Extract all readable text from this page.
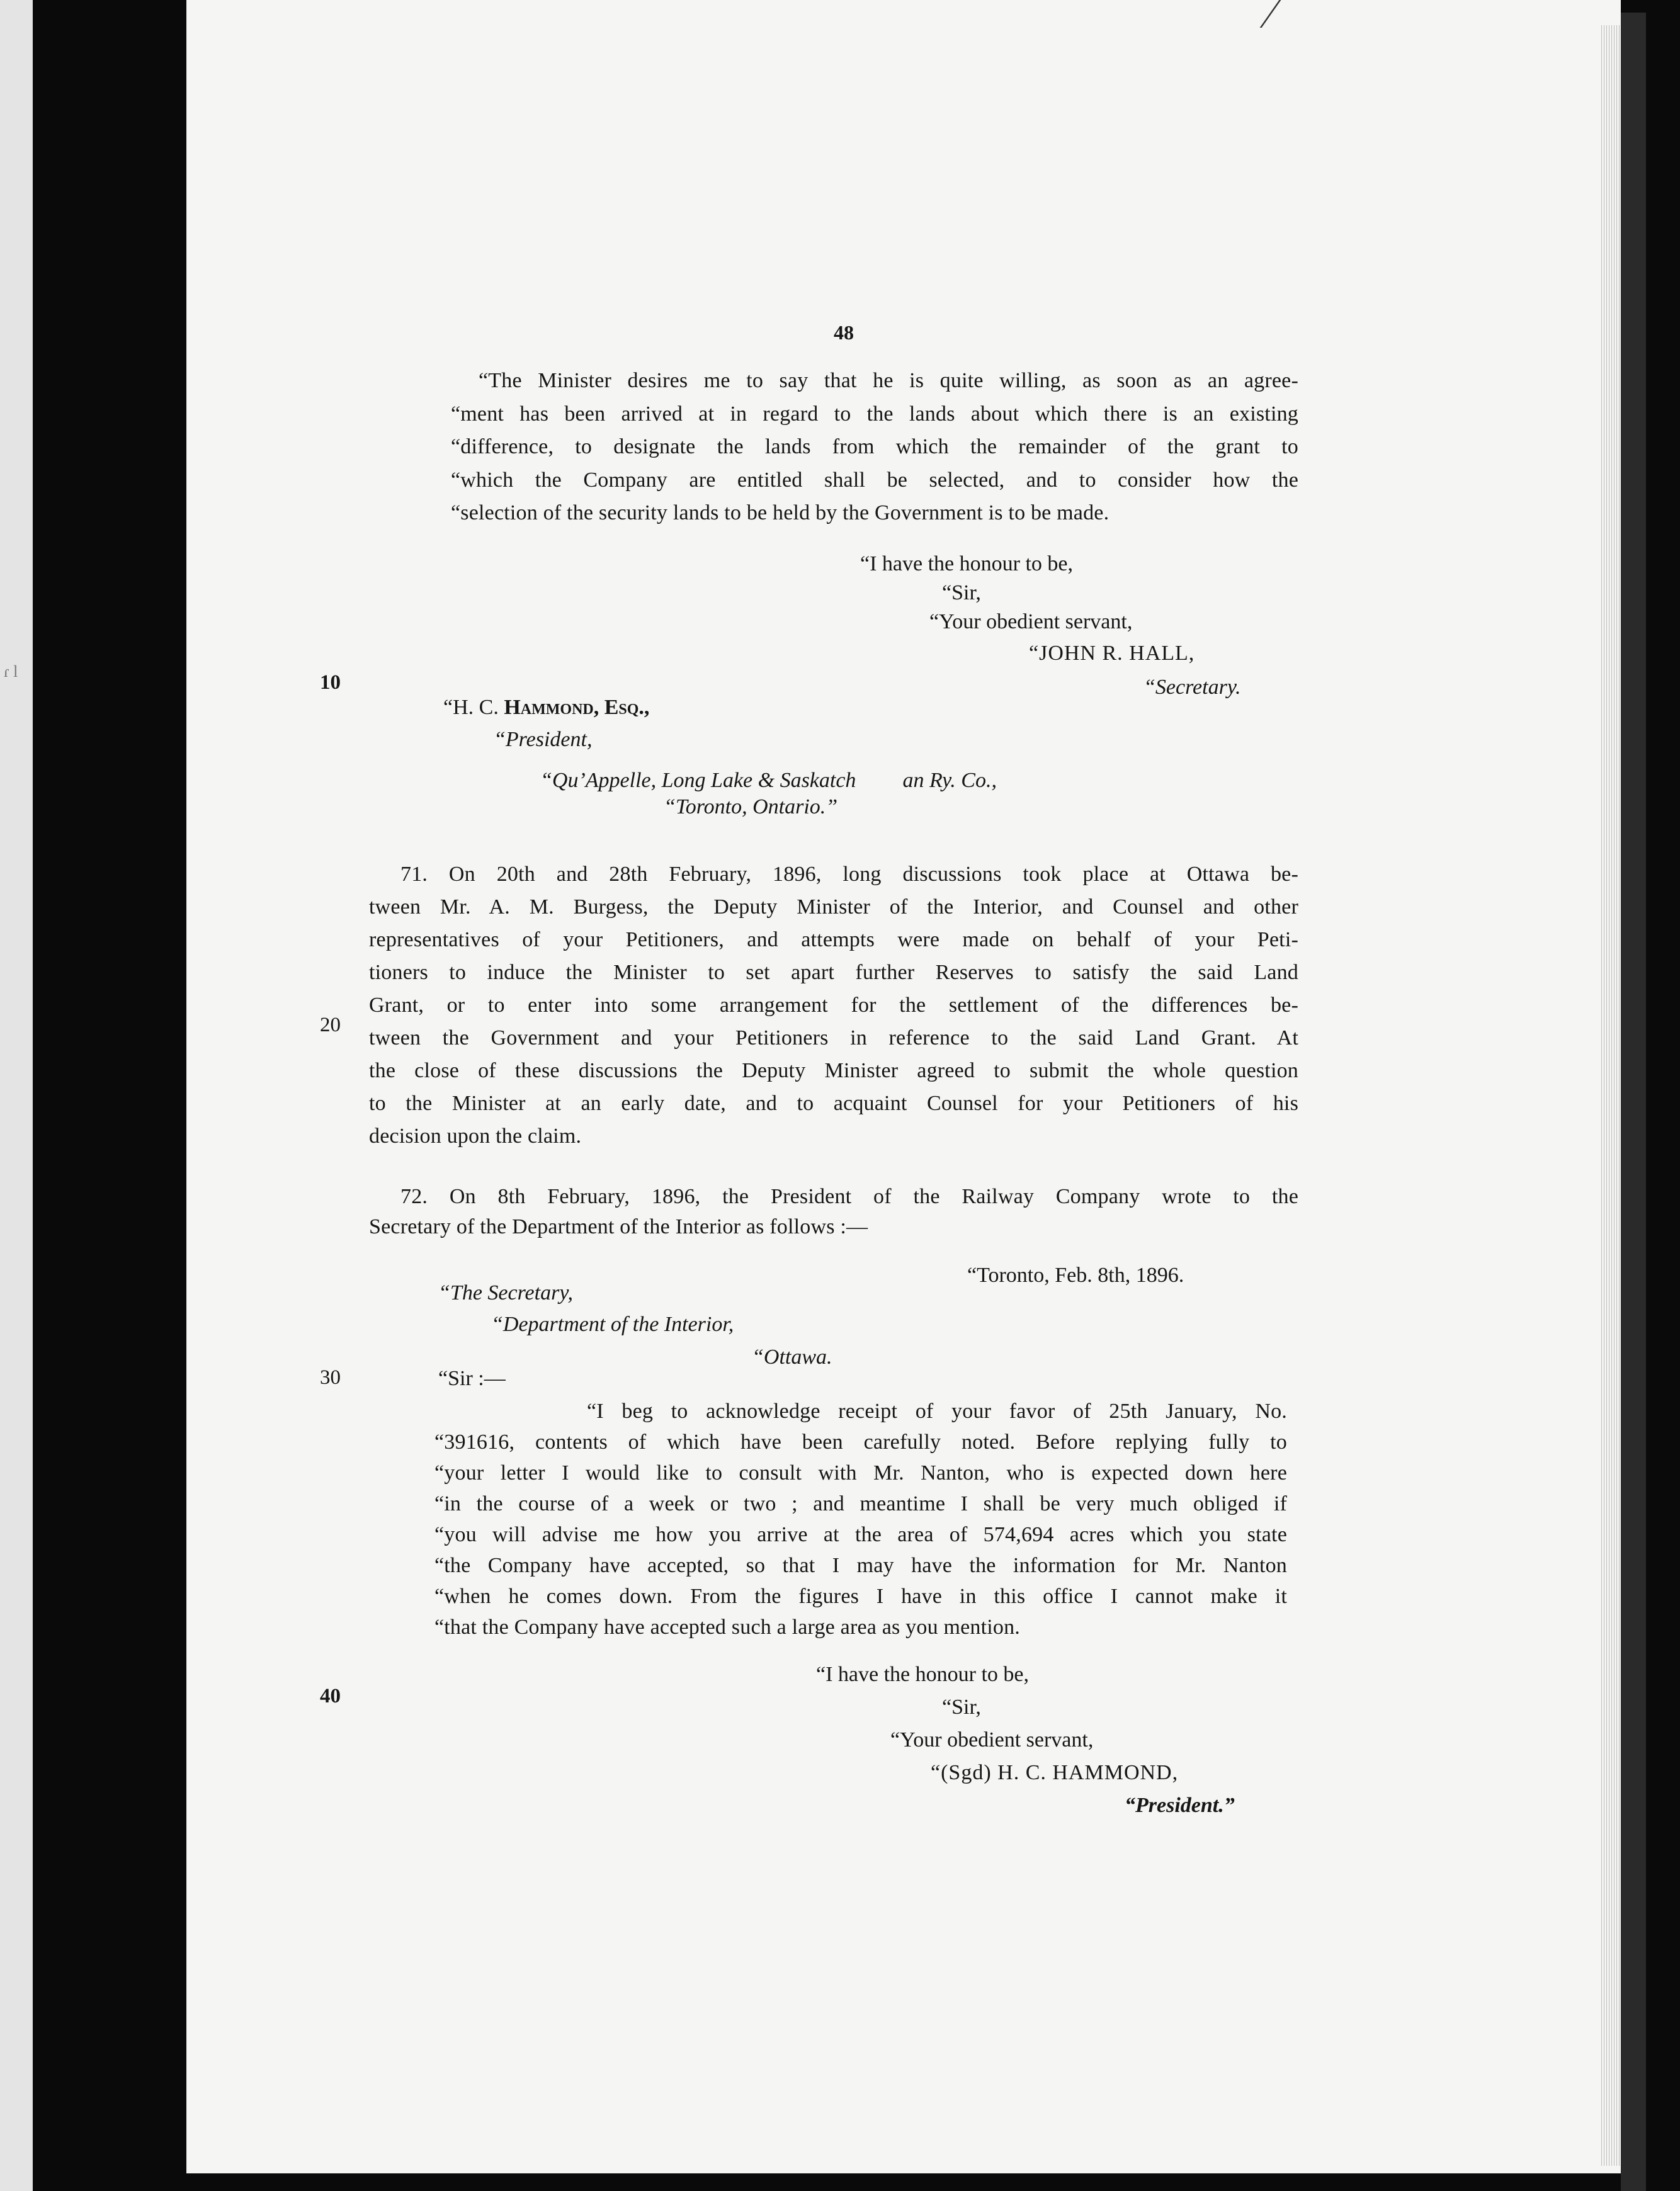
ɾ l
48
“The Minister desires me to say that he is quite willing, as soon as an agree-
“ment has been arrived at in regard to the lands about which there is an existing
“difference, to designate the lands from which the remainder of the grant to
“which the Company are entitled shall be selected, and to consider how the
“selection of the security lands to be held by the Government is to be made.
“I have the honour to be,
“Sir,
“Your obedient servant,
“JOHN R. HALL,
“Secretary.
10
“H. C. Hammond, Esq.,
“President,
“Qu’Appelle, Long Lake & Saskatch an Ry. Co.,
“Toronto, Ontario.”
71. On 20th and 28th February, 1896, long discussions took place at Ottawa be-
tween Mr. A. M. Burgess, the Deputy Minister of the Interior, and Counsel and other
representatives of your Petitioners, and attempts were made on behalf of your Peti-
tioners to induce the Minister to set apart further Reserves to satisfy the said Land
Grant, or to enter into some arrangement for the settlement of the differences be-
tween the Government and your Petitioners in reference to the said Land Grant. At
the close of these discussions the Deputy Minister agreed to submit the whole question
to the Minister at an early date, and to acquaint Counsel for your Petitioners of his
decision upon the claim.
20
72. On 8th February, 1896, the President of the Railway Company wrote to the
Secretary of the Department of the Interior as follows :—
“Toronto, Feb. 8th, 1896.
“The Secretary,
“Department of the Interior,
“Ottawa.
30	“Sir :—
“I beg to acknowledge receipt of your favor of 25th January, No.
“391616, contents of which have been carefully noted. Before replying fully to
“your letter I would like to consult with Mr. Nanton, who is expected down here
“in the course of a week or two ; and meantime I shall be very much obliged if
“you will advise me how you arrive at the area of 574,694 acres which you state
“the Company have accepted, so that I may have the information for Mr. Nanton
“when he comes down. From the figures I have in this office I cannot make it
“that the Company have accepted such a large area as you mention.
“I have the honour to be,
40	“Sir,
“Your obedient servant,
“(Sgd) H. C. HAMMOND,
“President.”
